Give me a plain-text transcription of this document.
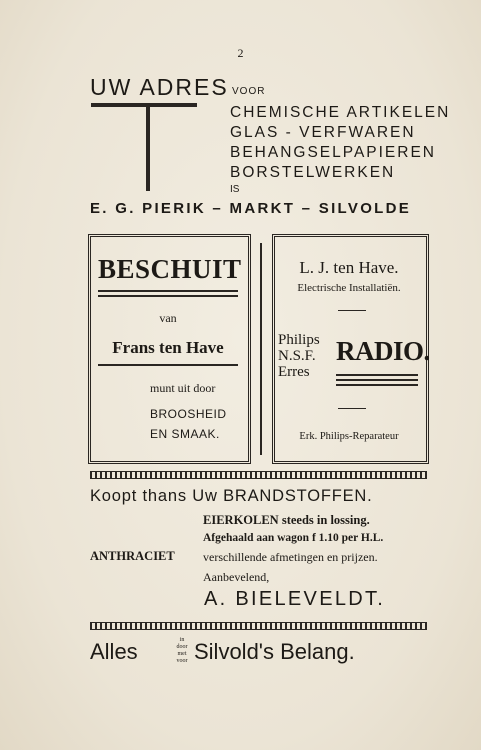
2
UW ADRES VOOR
CHEMISCHE ARTIKELEN
GLAS - VERFWAREN
BEHANGSELPAPIEREN
BORSTELWERKEN
IS
E. G. PIERIK – MARKT – SILVOLDE
BESCHUIT
van
Frans ten Have
munt uit door
BROOSHEID
EN SMAAK.
L. J. ten Have.
Electrische Installatiën.
Philips
N.S.F.
Erres
RADIO.
Erk. Philips-Reparateur
Koopt thans Uw BRANDSTOFFEN.
EIERKOLEN steeds in lossing.
Afgehaald aan wagon f 1.10 per H.L.
ANTHRACIET verschillende afmetingen en prijzen.
Aanbevelend,
A. BIELEVELDT.
Alles	in
door
met
voor Silvold's Belang.
